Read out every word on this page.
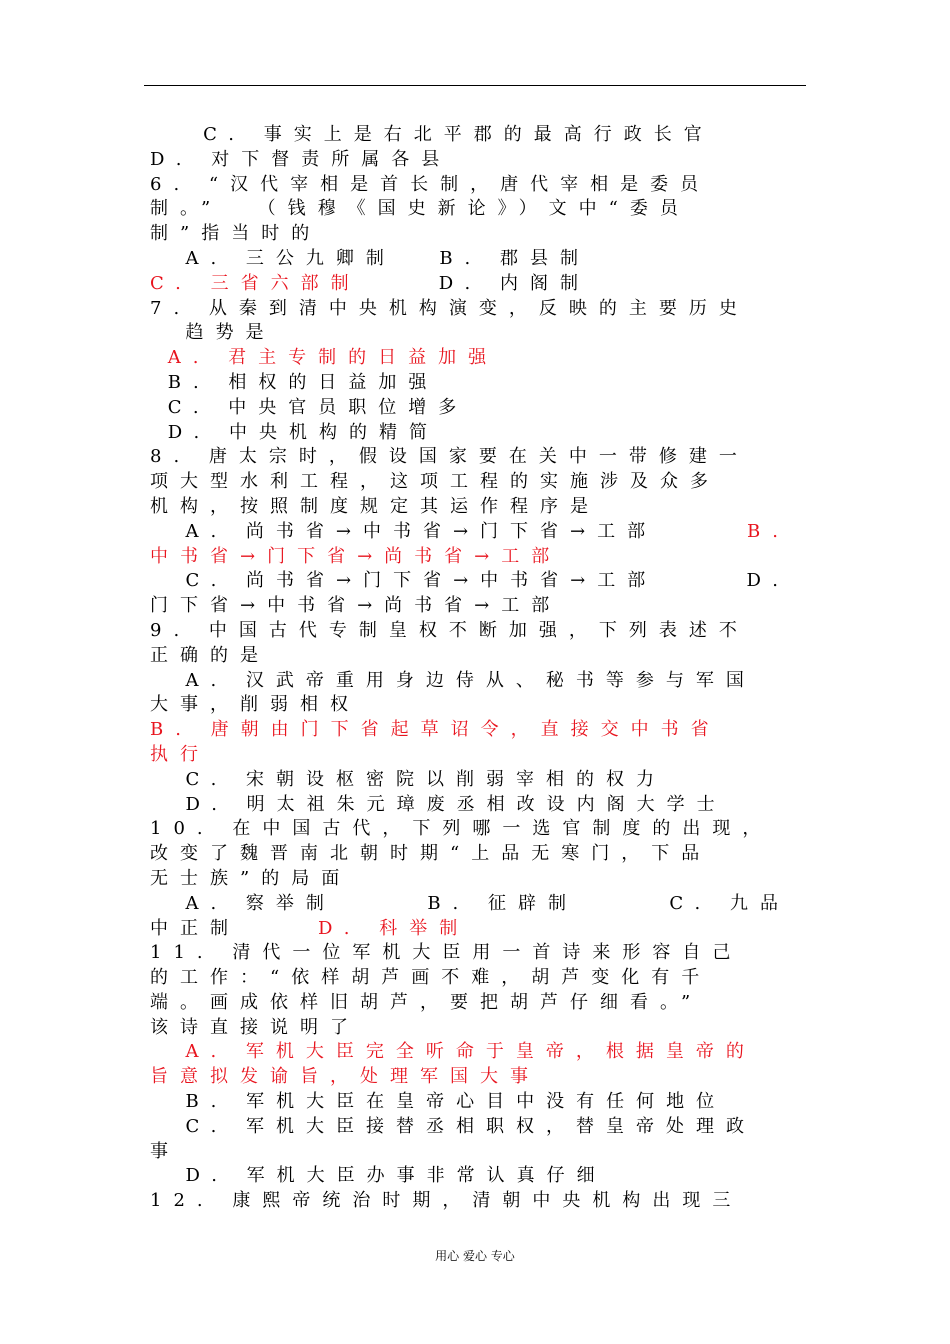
C. 事实上是右北平郡的最高行政长官
D. 对下督责所属各县
6. “汉代宰相是首长制，唐代宰相是委员
制。”  （钱穆《国史新论》）文中“委员
制”指当时的
A. 三公九卿制 B. 郡县制
C. 三省六部制	D. 内阁制
7. 从秦到清中央机构演变，反映的主要历史
趋势是
A. 君主专制的日益加强
B. 相权的日益加强
C. 中央官员职位增多
D. 中央机构的精简
8. 唐太宗时，假设国家要在关中一带修建一
项大型水利工程，这项工程的实施涉及众多
机构，按照制度规定其运作程序是
A. 尚书省→中书省→门下省→工部	B.
中书省→门下省→尚书省→工部
C. 尚书省→门下省→中书省→工部	D.
门下省→中书省→尚书省→工部
9. 中国古代专制皇权不断加强，下列表述不
正确的是
A. 汉武帝重用身边侍从、秘书等参与军国
大事，削弱相权
B. 唐朝由门下省起草诏令，直接交中书省
执行
C. 宋朝设枢密院以削弱宰相的权力
D. 明太祖朱元璋废丞相改设内阁大学士
10. 在中国古代，下列哪一选官制度的出现，
改变了魏晋南北朝时期“上品无寒门，下品
无士族”的局面
A. 察举制	B. 征辟制	C. 九品
中正制	D. 科举制
11. 清代一位军机大臣用一首诗来形容自己
的工作：“依样胡芦画不难，胡芦变化有千
端。画成依样旧胡芦，要把胡芦仔细看。”
该诗直接说明了
A. 军机大臣完全听命于皇帝，根据皇帝的
旨意拟发谕旨，处理军国大事
B. 军机大臣在皇帝心目中没有任何地位
C. 军机大臣接替丞相职权，替皇帝处理政
事
D. 军机大臣办事非常认真仔细
12. 康熙帝统治时期，清朝中央机构出现三
用心 爱心 专心
